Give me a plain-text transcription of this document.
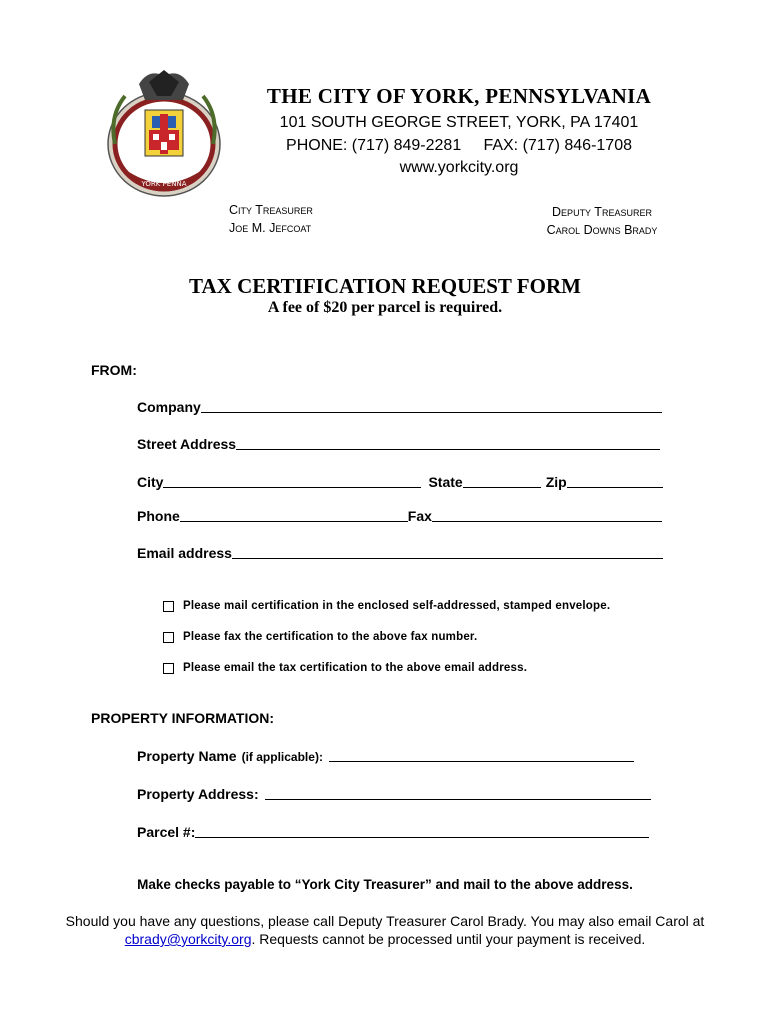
YORK PENNA
THE CITY OF YORK, PENNSYLVANIA
101 SOUTH GEORGE STREET, YORK, PA 17401
PHONE: (717) 849-2281     FAX: (717) 846-1708
www.yorkcity.org
City Treasurer
Joe M. Jefcoat
Deputy Treasurer
Carol Downs Brady
TAX CERTIFICATION REQUEST FORM
A fee of $20 per parcel is required.
FROM:
Company
Street Address
City	State	Zip
Phone	Fax
Email address
Please mail certification in the enclosed self-addressed, stamped envelope.
Please fax the certification to the above fax number.
Please email the tax certification to the above email address.
PROPERTY INFORMATION:
Property Name (if applicable):
Property Address:
Parcel #:
Make checks payable to “York City Treasurer” and mail to the above address.
Should you have any questions, please call Deputy Treasurer Carol Brady. You may also email Carol at cbrady@yorkcity.org. Requests cannot be processed until your payment is received.
